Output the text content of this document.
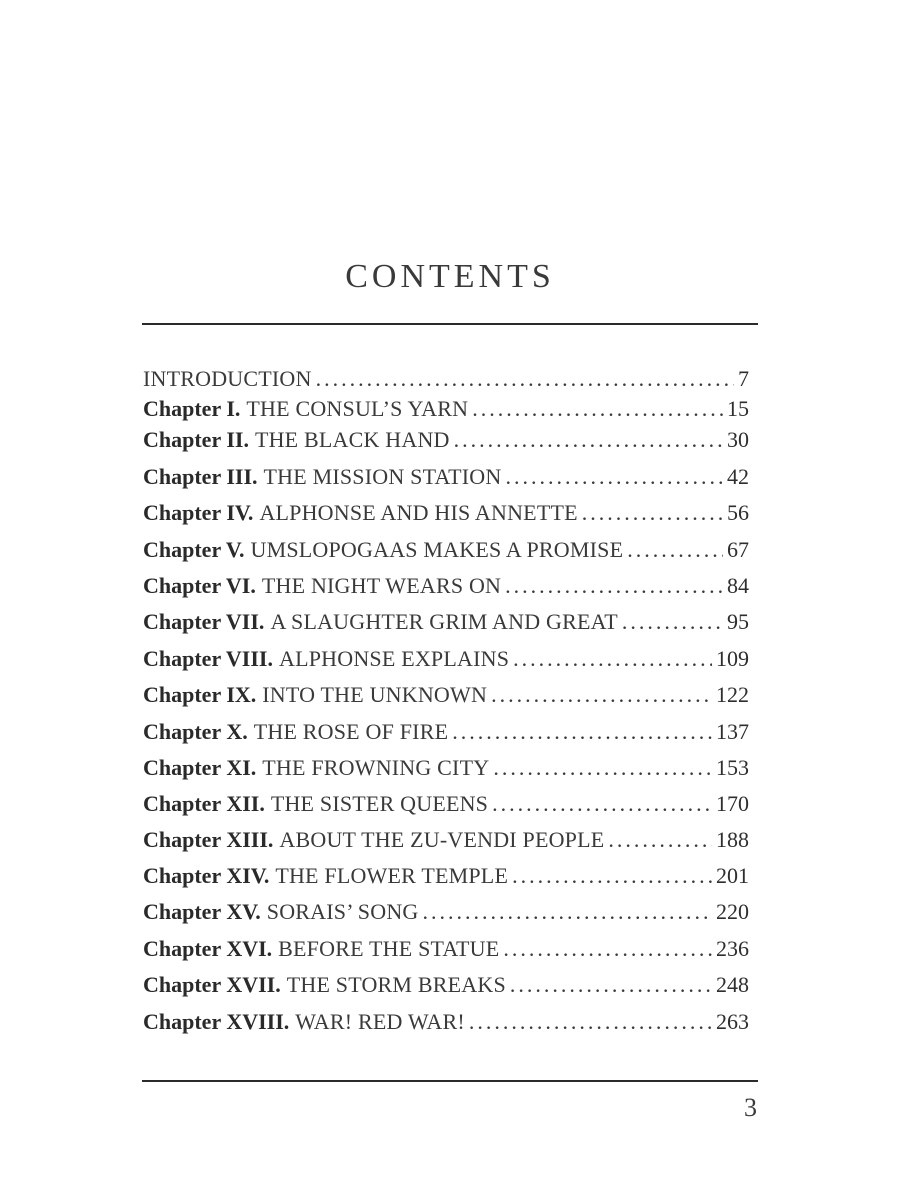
CONTENTS
INTRODUCTION .....	7
Chapter I. THE CONSUL’S YARN .....	15
Chapter II. THE BLACK HAND .....	30
Chapter III. THE MISSION STATION .....	42
Chapter IV. ALPHONSE AND HIS ANNETTE .....	56
Chapter V. UMSLOPOGAAS MAKES A PROMISE .....	67
Chapter VI. THE NIGHT WEARS ON .....	84
Chapter VII. A SLAUGHTER GRIM AND GREAT .....	95
Chapter VIII. ALPHONSE EXPLAINS .....	109
Chapter IX. INTO THE UNKNOWN .....	122
Chapter X. THE ROSE OF FIRE .....	137
Chapter XI. THE FROWNING CITY .....	153
Chapter XII. THE SISTER QUEENS .....	170
Chapter XIII. ABOUT THE ZU-VENDI PEOPLE .....	188
Chapter XIV. THE FLOWER TEMPLE .....	201
Chapter XV. SORAIS’ SONG .....	220
Chapter XVI. BEFORE THE STATUE .....	236
Chapter XVII. THE STORM BREAKS .....	248
Chapter XVIII. WAR! RED WAR! .....	263
3
